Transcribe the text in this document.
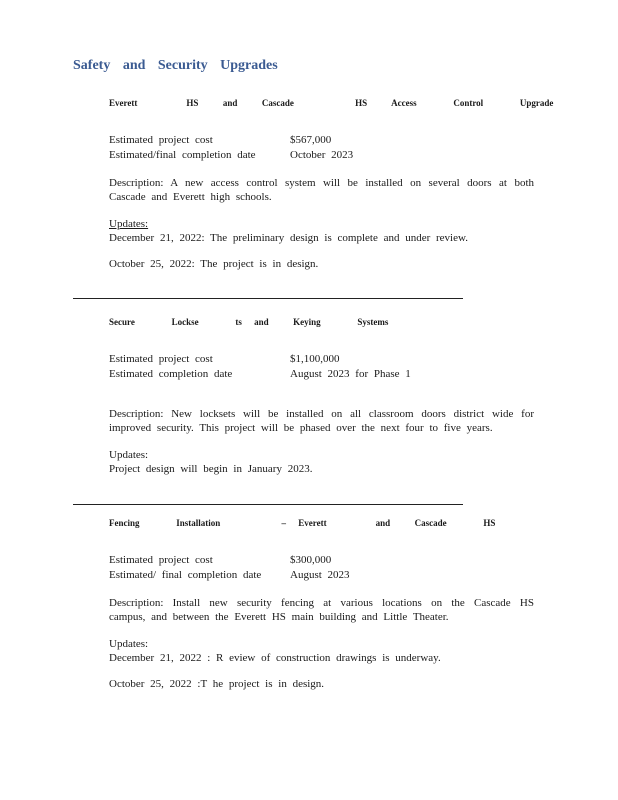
Safety and Security Upgrades
Everett    HS  and  Cascade     HS  Access   Control   Upgrade
Estimated project cost	$567,000
Estimated/final completion date	October 2023
Description: A new access control system will be installed on several doors at both Cascade and Everett high schools.
Updates:
December 21, 2022: The preliminary design is complete and under review.
October 25, 2022: The project is in design.
Secure   Lockse   ts and  Keying   Systems
Estimated project cost	$1,100,000
Estimated completion date	August 2023 for Phase 1
Description: New locksets will be installed on all classroom doors district wide for improved security. This project will be phased over the next four to five years.
Updates:
Project design will begin in January 2023.
Fencing   Installation     – Everett    and  Cascade   HS
Estimated project cost	$300,000
Estimated/ final completion date	August 2023
Description: Install new security fencing at various locations on the Cascade HS campus, and between the Everett HS main building and Little Theater.
Updates:
December 21, 2022 : R eview of construction drawings is underway.
October 25, 2022 :T he project is in design.
